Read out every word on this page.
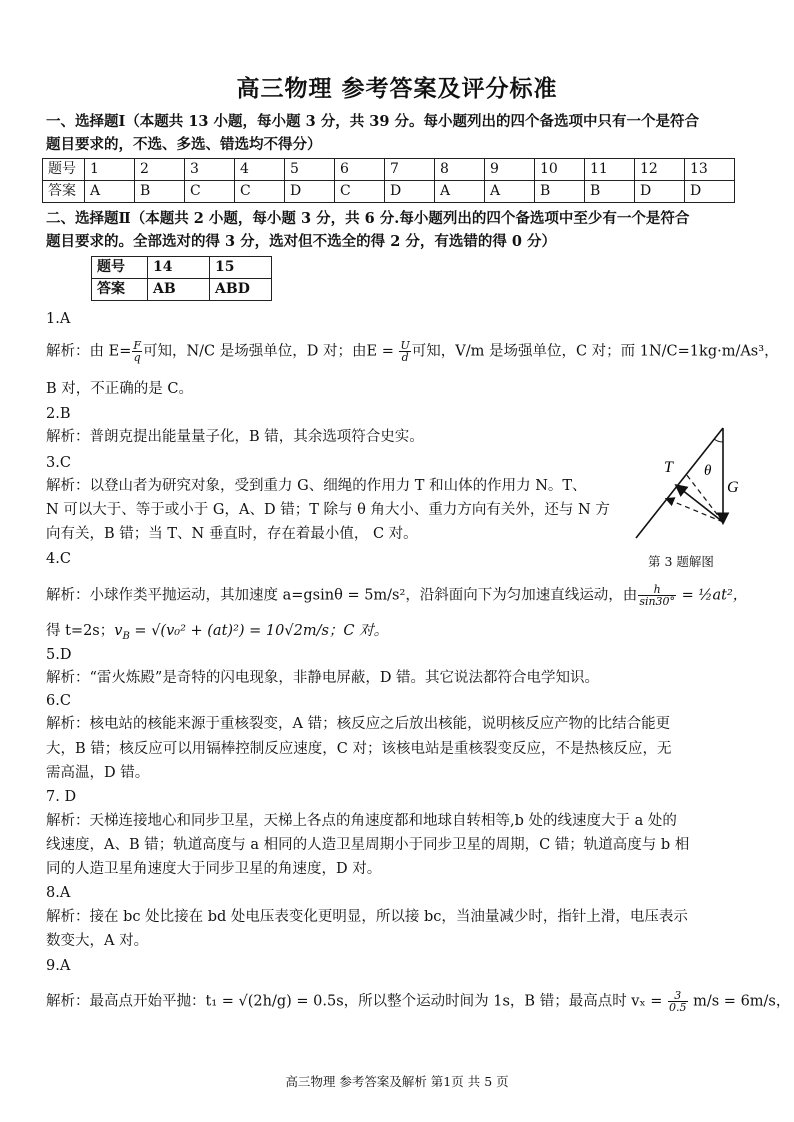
高三物理 参考答案及评分标准
一、选择题Ⅰ（本题共 13 小题，每小题 3 分，共 39 分。每小题列出的四个备选项中只有一个是符合
题目要求的，不选、多选、错选均不得分）
题号	1	2	3	4	5	6	7	8	9	10	11	12	13
答案	A	B	C	C	D	C	D	A	A	B	B	D	D
二、选择题Ⅱ（本题共 2 小题，每小题 3 分，共 6 分.每小题列出的四个备选项中至少有一个是符合
题目要求的。全部选对的得 3 分，选对但不选全的得 2 分，有选错的得 0 分）
题号	14	15
答案	AB	ABD
1.A
解析：由 $E= \frac{F}{q}$ 可知，N/C 是场强单位，D 对；由$E = \frac{U}{d}$ 可知，V/m 是场强单位，C 对；而 1N/C=1kg·m/As³，
B 对，不正确的是 C。
2.B
解析：普朗克提出能量量子化，B 错，其余选项符合史实。
3.C
解析：以登山者为研究对象，受到重力 G、细绳的作用力 T 和山体的作用力 N。T、
N 可以大于、等于或小于 G，A、D 错；T 除与 θ 角大小、重力方向有关外，还与 N 方
向有关，B 错；当 T、N 垂直时，存在着最小值， C 对。
T θ
G
第 3 题解图
4.C
解析：小球作类平抛运动，其加速度 a=gsinθ = 5m/s²，沿斜面向下为匀加速直线运动，由 $\frac{h}{\sin 30^\circ}$ = ½at²，
得 t=2s；$v_B = √(v_0^2 + (at)^2) = 10√2m/s$；C 对。
5.D
解析：“雷火炼殿”是奇特的闪电现象，非静电屏蔽，D 错。其它说法都符合电学知识。
6.C
解析：核电站的核能来源于重核裂变，A 错；核反应之后放出核能，说明核反应产物的比结合能更
大，B 错；核反应可以用镉棒控制反应速度，C 对；该核电站是重核裂变反应，不是热核反应，无
需高温，D 错。
7. D
解析：天梯连接地心和同步卫星，天梯上各点的角速度都和地球自转相等,b 处的线速度大于 a 处的
线速度，A、B 错；轨道高度与 a 相同的人造卫星周期小于同步卫星的周期，C 错；轨道高度与 b 相
同的人造卫星角速度大于同步卫星的角速度，D 对。
8.A
解析：接在 bc 处比接在 bd 处电压表变化更明显，所以接 bc，当油量减少时，指针上滑，电压表示
数变大，A 对。
9.A
解析：最高点开始平抛：t₁ = √(2h/g) = 0.5s，所以整个运动时间为 1s，B 错；最高点时 $v_x = \frac{3}{0.5} m/s = 6m/s$，
高三物理 参考答案及解析 第1页 共 5 页
